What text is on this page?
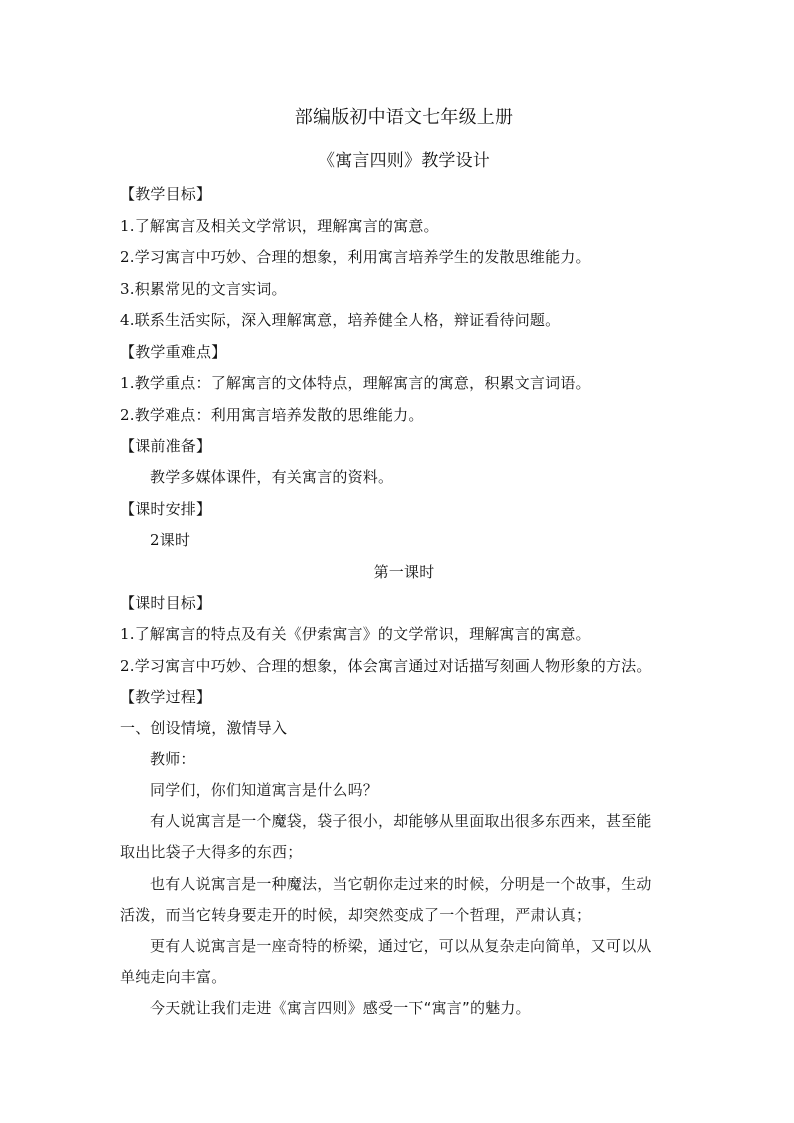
部编版初中语文七年级上册
《寓言四则》教学设计
【教学目标】
1.了解寓言及相关文学常识，理解寓言的寓意。
2.学习寓言中巧妙、合理的想象，利用寓言培养学生的发散思维能力。
3.积累常见的文言实词。
4.联系生活实际，深入理解寓意，培养健全人格，辩证看待问题。
【教学重难点】
1.教学重点：了解寓言的文体特点，理解寓言的寓意，积累文言词语。
2.教学难点：利用寓言培养发散的思维能力。
【课前准备】
教学多媒体课件，有关寓言的资料。
【课时安排】
2课时
第一课时
【课时目标】
1.了解寓言的特点及有关《伊索寓言》的文学常识，理解寓言的寓意。
2.学习寓言中巧妙、合理的想象，体会寓言通过对话描写刻画人物形象的方法。
【教学过程】
一、创设情境，激情导入
教师：
同学们，你们知道寓言是什么吗？
有人说寓言是一个魔袋，袋子很小，却能够从里面取出很多东西来，甚至能
取出比袋子大得多的东西；
也有人说寓言是一种魔法，当它朝你走过来的时候，分明是一个故事，生动
活泼，而当它转身要走开的时候，却突然变成了一个哲理，严肃认真；
更有人说寓言是一座奇特的桥梁，通过它，可以从复杂走向简单，又可以从
单纯走向丰富。
今天就让我们走进《寓言四则》感受一下“寓言”的魅力。
